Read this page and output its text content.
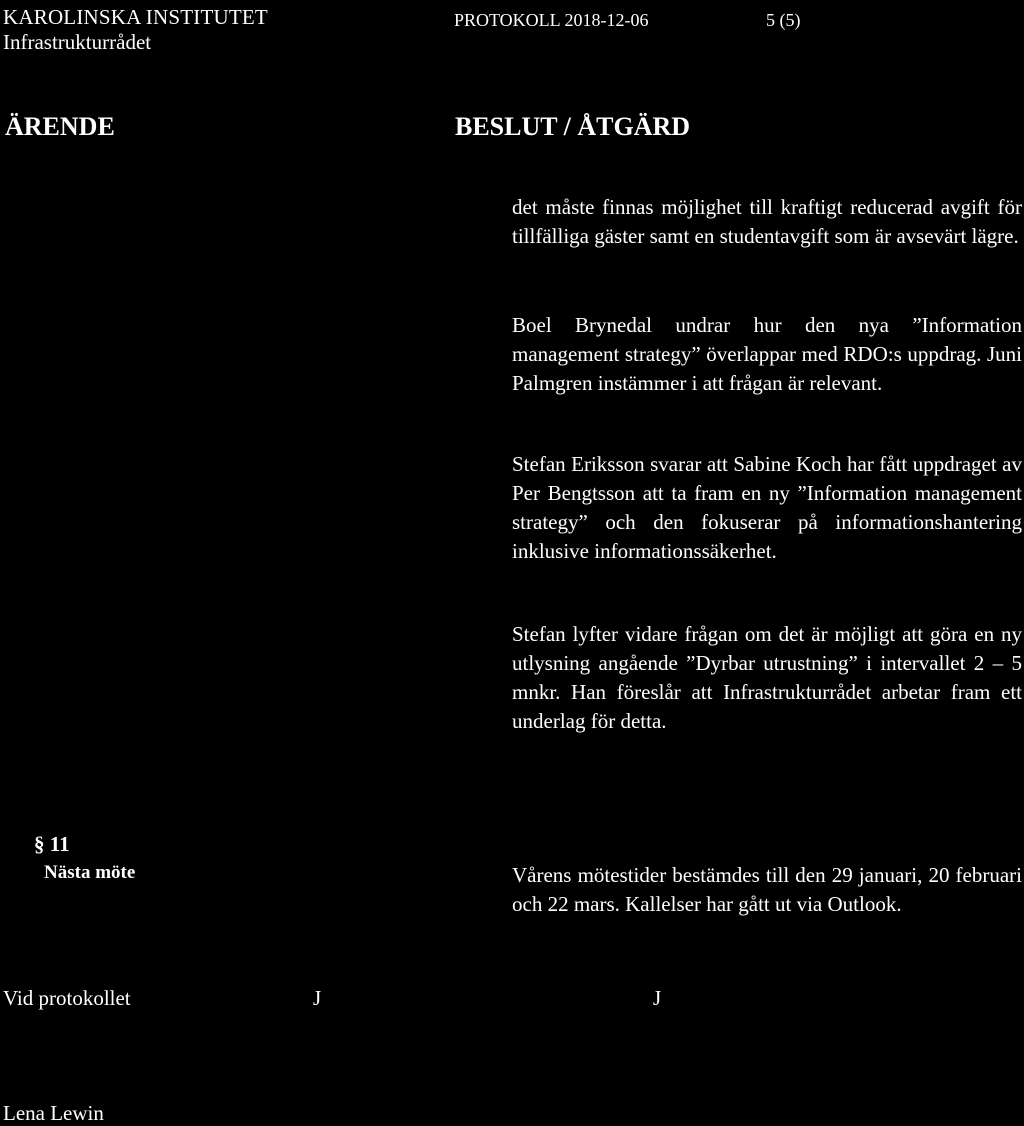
KAROLINSKA INSTITUTET

Infrastrukturrådet

PROTOKOLL 2018-12-06	5 (5)

ÄRENDE	BESLUT / ÅTGÄRD

det måste finnas möjlighet till kraftigt reducerad avgift för tillfälliga gäster samt en studentavgift som är avsevärt lägre.

Boel Brynedal undrar hur den nya ”Information management strategy” överlappar med RDO:s uppdrag. Juni Palmgren instämmer i att frågan är relevant.

Stefan Eriksson svarar att Sabine Koch har fått uppdraget av Per Bengtsson att ta fram en ny ”Information management strategy” och den fokuserar på informationshantering inklusive informationssäkerhet.

Stefan lyfter vidare frågan om det är möjligt att göra en ny utlysning angående ”Dyrbar utrustning” i intervallet 2 – 5 mnkr. Han föreslår att Infrastrukturrådet arbetar fram ett underlag för detta.

§ 11

Nästa möte	Vårens mötestider bestämdes till den 29 januari, 20 februari och 22 mars. Kallelser har gått ut via Outlook.

Vid protokollet	J	J

Lena Lewin
